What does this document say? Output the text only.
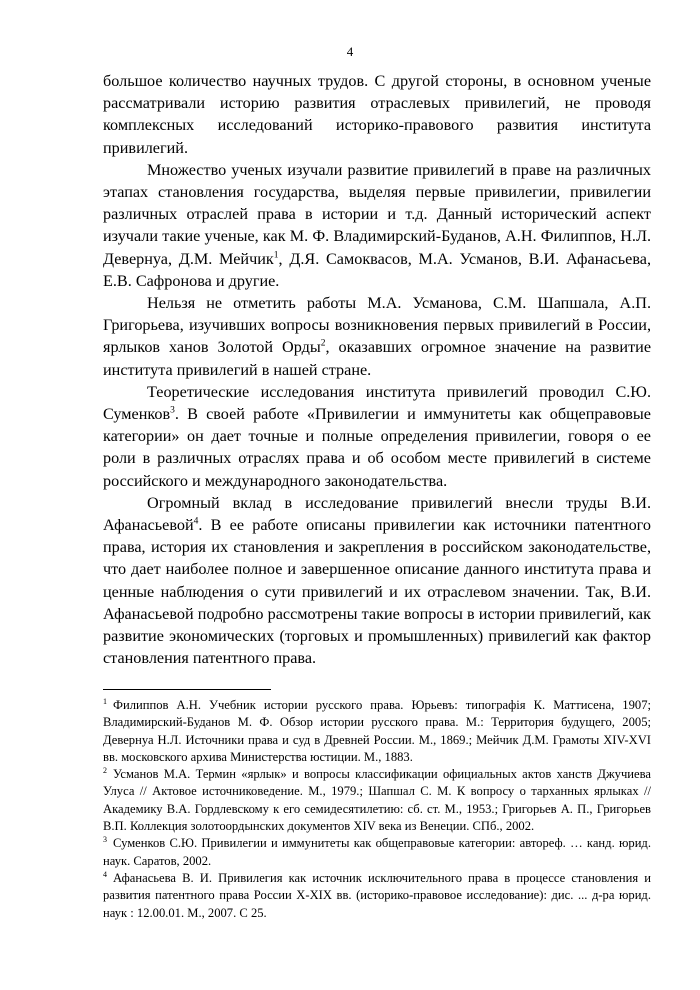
4

большое количество научных трудов. С другой стороны, в основном ученые рассматривали историю развития отраслевых привилегий, не проводя комплексных исследований историко-правового развития института привилегий.

Множество ученых изучали развитие привилегий в праве на различных этапах становления государства, выделяя первые привилегии, привилегии различных отраслей права в истории и т.д. Данный исторический аспект изучали такие ученые, как М. Ф. Владимирский-Буданов, А.Н. Филиппов, Н.Л. Девернуа, Д.М. Мейчик$^1$, Д.Я. Самоквасов, М.А. Усманов, В.И. Афанасьева, Е.В. Сафронова и другие.

Нельзя не отметить работы М.А. Усманова, С.М. Шапшала, А.П. Григорьева, изучивших вопросы возникновения первых привилегий в России, ярлыков ханов Золотой Орды$^2$, оказавших огромное значение на развитие института привилегий в нашей стране.

Теоретические исследования института привилегий проводил С.Ю. Суменков$^3$. В своей работе «Привилегии и иммунитеты как общеправовые категории» он дает точные и полные определения привилегии, говоря о ее роли в различных отраслях права и об особом месте привилегий в системе российского и международного законодательства.

Огромный вклад в исследование привилегий внесли труды В.И. Афанасьевой$^4$. В ее работе описаны привилегии как источники патентного права, история их становления и закрепления в российском законодательстве, что дает наиболее полное и завершенное описание данного института права и ценные наблюдения о сути привилегий и их отраслевом значении. Так, В.И. Афанасьевой подробно рассмотрены такие вопросы в истории привилегий, как развитие экономических (торговых и промышленных) привилегий как фактор становления патентного права.

$^1$ Филиппов А.Н. Учебник истории русского права. Юрьевъ: типографія К. Маттисена, 1907; Владимирский-Буданов М. Ф. Обзор истории русского права. М.: Территория будущего, 2005; Девернуа Н.Л. Источники права и суд в Древней России. М., 1869.; Мейчик Д.М. Грамоты XIV-XVI вв. московского архива Министерства юстиции. М., 1883.

$^2$ Усманов М.А. Термин «ярлык» и вопросы классификации официальных актов ханств Джучиева Улуса // Актовое источниковедение. М., 1979.; Шапшал С. М. К вопросу о тарханных ярлыках // Академику В.А. Гордлевскому к его семидесятилетию: сб. ст. М., 1953.; Григорьев А. П., Григорьев В.П. Коллекция золотоордынских документов XIV века из Венеции. СПб., 2002.

$^3$ Суменков С.Ю. Привилегии и иммунитеты как общеправовые категории: автореф. … канд. юрид. наук. Саратов, 2002.

$^4$ Афанасьева В. И. Привилегия как источник исключительного права в процессе становления и развития патентного права России X-XIX вв. (историко-правовое исследование): дис. ... д-ра юрид. наук : 12.00.01. М., 2007. С 25.
